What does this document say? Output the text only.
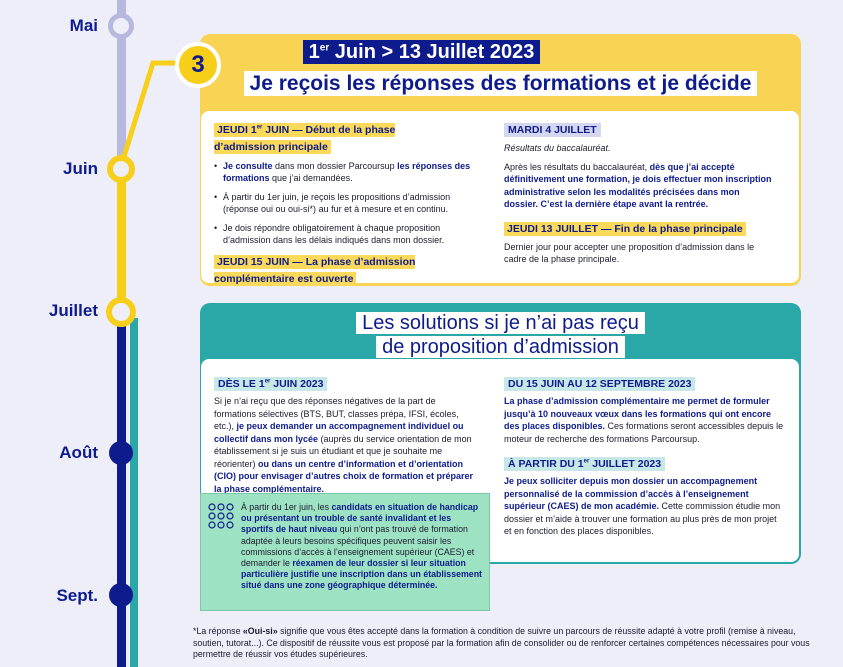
Mai
Juin
Juillet
Août
Sept.
3	1er Juin > 13 Juillet 2023
Je reçois les réponses des formations et je décide
JEUDI 1er JUIN — Début de la phase d’admission principale
• Je consulte dans mon dossier Parcoursup les réponses des formations que j’ai demandées.
• À partir du 1er juin, je reçois les propositions d’admission (réponse oui ou oui-si*) au fur et à mesure et en continu.
• Je dois répondre obligatoirement à chaque proposition d’admission dans les délais indiqués dans mon dossier.
JEUDI 15 JUIN — La phase d’admission complémentaire est ouverte
MARDI 4 JUILLET
Résultats du baccalauréat.
Après les résultats du baccalauréat, dès que j’ai accepté définitivement une formation, je dois effectuer mon inscription administrative selon les modalités précisées dans mon dossier. C’est la dernière étape avant la rentrée.
JEUDI 13 JUILLET — Fin de la phase principale
Dernier jour pour accepter une proposition d’admission dans le cadre de la phase principale.
Les solutions si je n’ai pas reçu
de proposition d’admission
DÈS LE 1er JUIN 2023
Si je n’ai reçu que des réponses négatives de la part de formations sélectives (BTS, BUT, classes prépa, IFSI, écoles, etc.), je peux demander un accompagnement individuel ou collectif dans mon lycée (auprès du service orientation de mon établissement si je suis un étudiant et que je souhaite me réorienter) ou dans un centre d’information et d’orientation (CIO) pour envisager d’autres choix de formation et préparer la phase complémentaire.
DU 15 JUIN AU 12 SEPTEMBRE 2023
La phase d’admission complémentaire me permet de formuler jusqu’à 10 nouveaux vœux dans les formations qui ont encore des places disponibles. Ces formations seront accessibles depuis le moteur de recherche des formations Parcoursup.
À PARTIR DU 1er JUILLET 2023
Je peux solliciter depuis mon dossier un accompagnement personnalisé de la commission d’accès à l’enseignement supérieur (CAES) de mon académie. Cette commission étudie mon dossier et m’aide à trouver une formation au plus près de mon projet et en fonction des places disponibles.
À partir du 1er juin, les candidats en situation de handicap ou présentant un trouble de santé invalidant et les sportifs de haut niveau qui n’ont pas trouvé de formation adaptée à leurs besoins spécifiques peuvent saisir les commissions d’accès à l’enseignement supérieur (CAES) et demander le réexamen de leur dossier si leur situation particulière justifie une inscription dans un établissement situé dans une zone géographique déterminée.
*La réponse «Oui-si» signifie que vous êtes accepté dans la formation à condition de suivre un parcours de réussite adapté à votre profil (remise à niveau, soutien, tutorat...). Ce dispositif de réussite vous est proposé par la formation afin de consolider ou de renforcer certaines compétences nécessaires pour vous permettre de réussir vos études supérieures.
